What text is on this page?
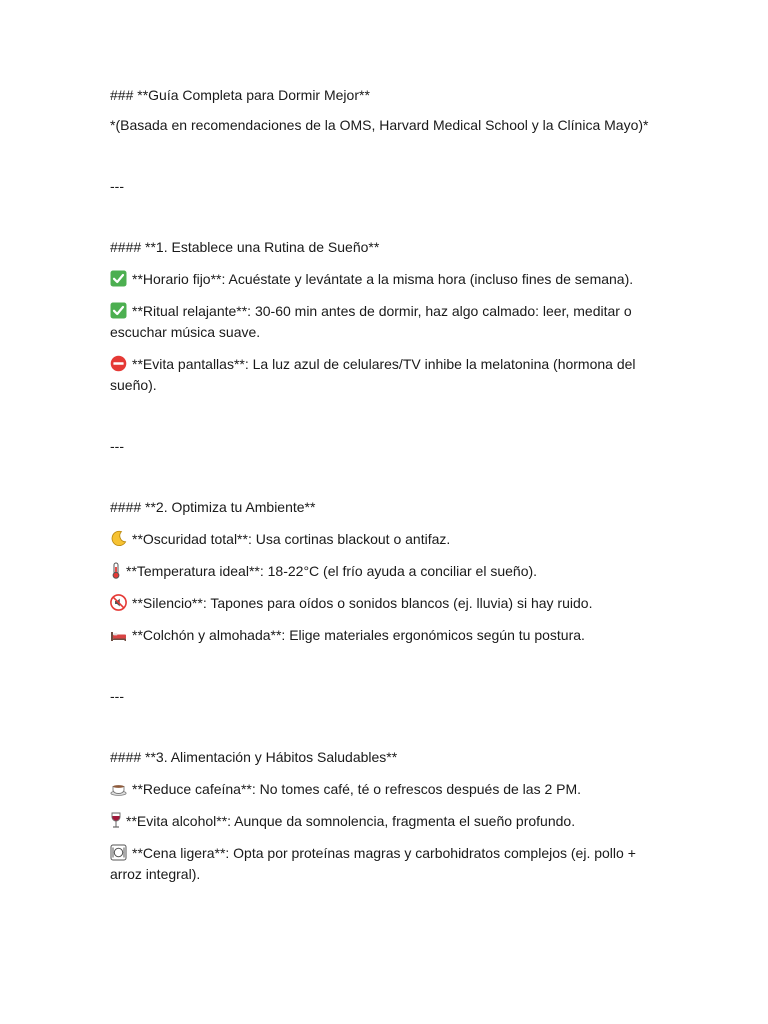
### **Guía Completa para Dormir Mejor**

*(Basada en recomendaciones de la OMS, Harvard Medical School y la Clínica Mayo)*

---

#### **1. Establece una Rutina de Sueño**

**Horario fijo**: Acuéstate y levántate a la misma hora (incluso fines de semana).

**Ritual relajante**: 30-60 min antes de dormir, haz algo calmado: leer, meditar o escuchar música suave.

**Evita pantallas**: La luz azul de celulares/TV inhibe la melatonina (hormona del sueño).

---

#### **2. Optimiza tu Ambiente**

**Oscuridad total**: Usa cortinas blackout o antifaz.

**Temperatura ideal**: 18-22°C (el frío ayuda a conciliar el sueño).

**Silencio**: Tapones para oídos o sonidos blancos (ej. lluvia) si hay ruido.

**Colchón y almohada**: Elige materiales ergonómicos según tu postura.

---

#### **3. Alimentación y Hábitos Saludables**

**Reduce cafeína**: No tomes café, té o refrescos después de las 2 PM.

**Evita alcohol**: Aunque da somnolencia, fragmenta el sueño profundo.

**Cena ligera**: Opta por proteínas magras y carbohidratos complejos (ej. pollo + arroz integral).
